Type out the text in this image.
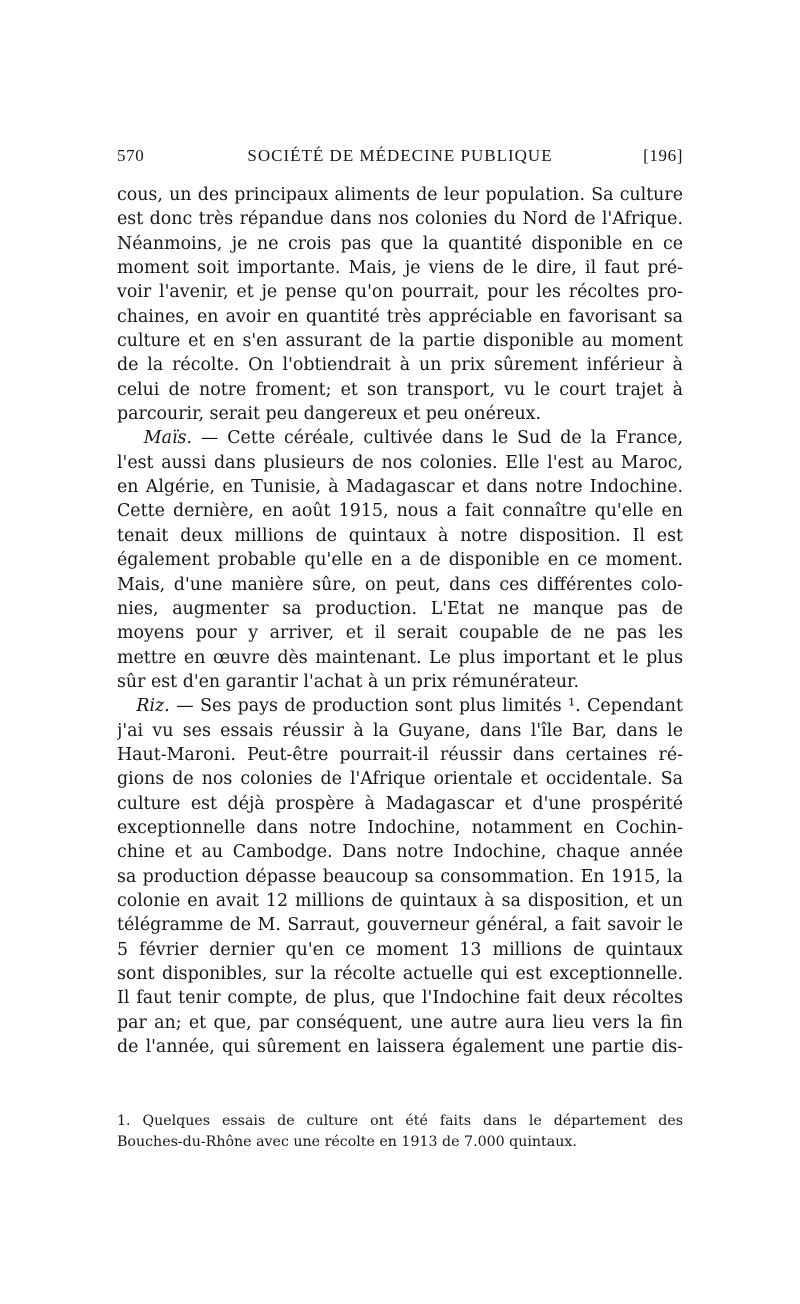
570	SOCIÉTÉ DE MÉDECINE PUBLIQUE	[196]
cous, un des principaux aliments de leur population. Sa culture
est donc très répandue dans nos colonies du Nord de l'Afrique.
Néanmoins, je ne crois pas que la quantité disponible en ce
moment soit importante. Mais, je viens de le dire, il faut pré-
voir l'avenir, et je pense qu'on pourrait, pour les récoltes pro-
chaines, en avoir en quantité très appréciable en favorisant sa
culture et en s'en assurant de la partie disponible au moment
de la récolte. On l'obtiendrait à un prix sûrement inférieur à
celui de notre froment; et son transport, vu le court trajet à
parcourir, serait peu dangereux et peu onéreux.
Maïs. — Cette céréale, cultivée dans le Sud de la France,
l'est aussi dans plusieurs de nos colonies. Elle l'est au Maroc,
en Algérie, en Tunisie, à Madagascar et dans notre Indochine.
Cette dernière, en août 1915, nous a fait connaître qu'elle en
tenait deux millions de quintaux à notre disposition. Il est
également probable qu'elle en a de disponible en ce moment.
Mais, d'une manière sûre, on peut, dans ces différentes colo-
nies, augmenter sa production. L'Etat ne manque pas de
moyens pour y arriver, et il serait coupable de ne pas les
mettre en œuvre dès maintenant. Le plus important et le plus
sûr est d'en garantir l'achat à un prix rémunérateur.
Riz. — Ses pays de production sont plus limités ¹. Cependant
j'ai vu ses essais réussir à la Guyane, dans l'île Bar, dans le
Haut-Maroni. Peut-être pourrait-il réussir dans certaines ré-
gions de nos colonies de l'Afrique orientale et occidentale. Sa
culture est déjà prospère à Madagascar et d'une prospérité
exceptionnelle dans notre Indochine, notamment en Cochin-
chine et au Cambodge. Dans notre Indochine, chaque année
sa production dépasse beaucoup sa consommation. En 1915, la
colonie en avait 12 millions de quintaux à sa disposition, et un
télégramme de M. Sarraut, gouverneur général, a fait savoir le
5 février dernier qu'en ce moment 13 millions de quintaux
sont disponibles, sur la récolte actuelle qui est exceptionnelle.
Il faut tenir compte, de plus, que l'Indochine fait deux récoltes
par an; et que, par conséquent, une autre aura lieu vers la fin
de l'année, qui sûrement en laissera également une partie dis-
1. Quelques essais de culture ont été faits dans le département des
Bouches-du-Rhône avec une récolte en 1913 de 7.000 quintaux.
